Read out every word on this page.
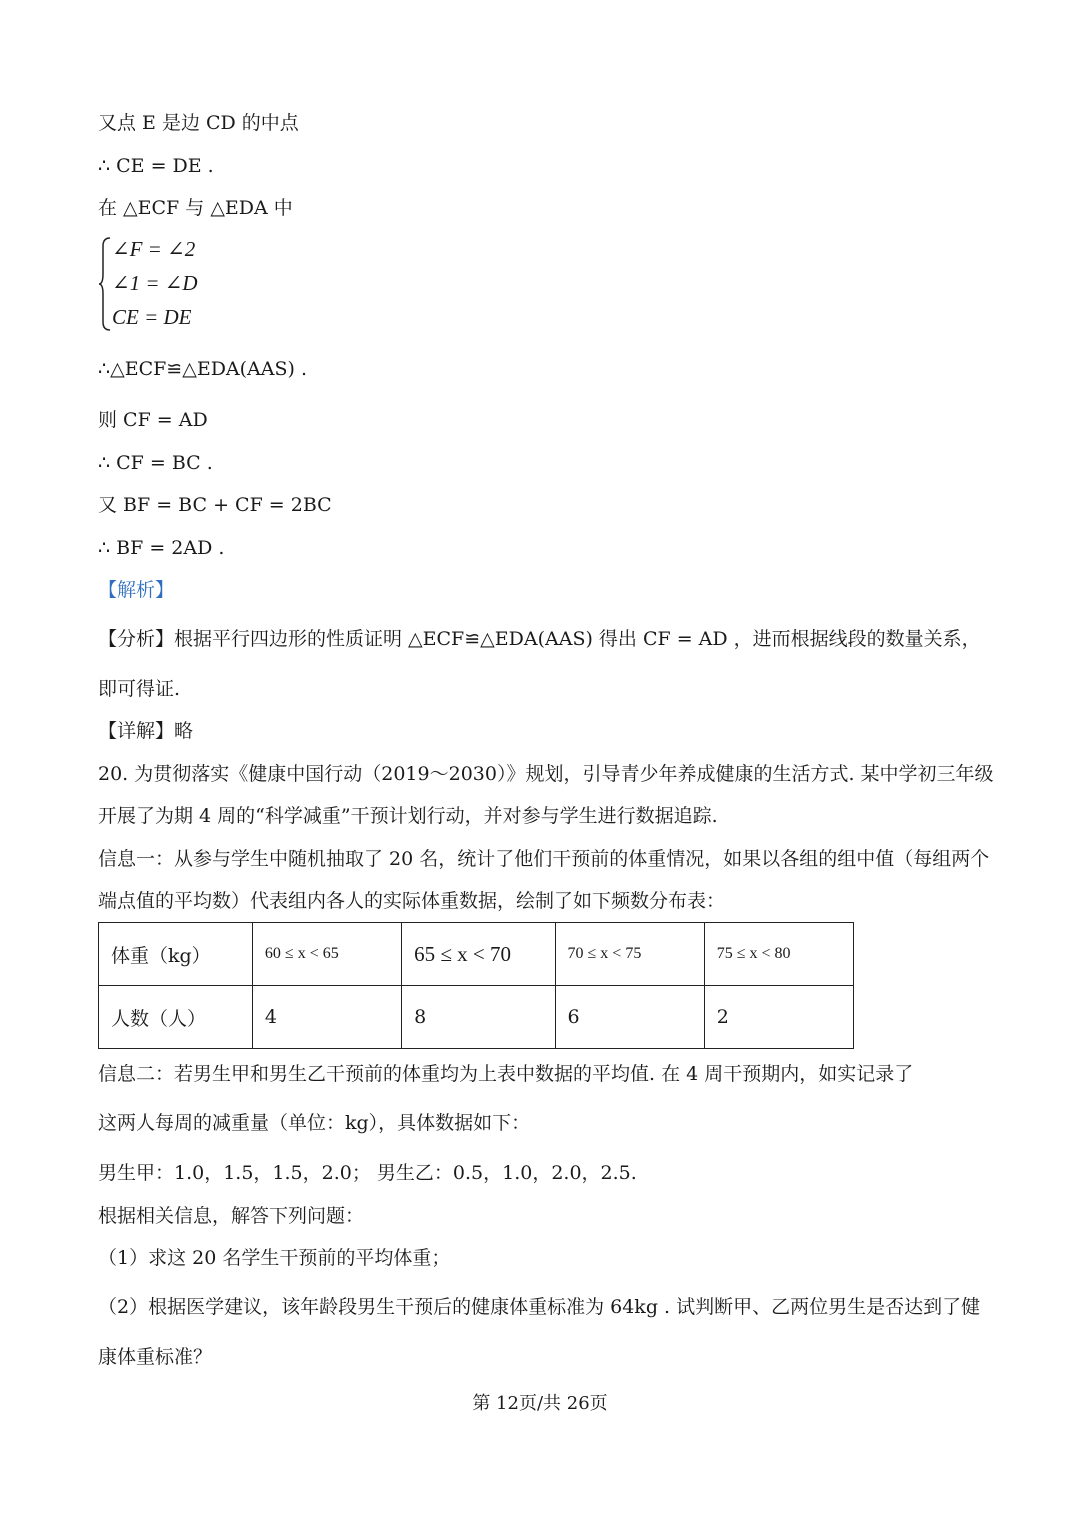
又点 E 是边 CD 的中点
∴ CE = DE .
在 △ECF 与 △EDA 中
∠F = ∠2
∠1 = ∠D
CE = DE
∴△ECF≌△EDA(AAS) .
则 CF = AD
∴ CF = BC .
又 BF = BC + CF = 2BC
∴ BF = 2AD .
【解析】
【分析】根据平行四边形的性质证明 △ECF≌△EDA(AAS) 得出 CF = AD ，进而根据线段的数量关系，
即可得证.
【详解】略
20. 为贯彻落实《健康中国行动（2019～2030）》规划，引导青少年养成健康的生活方式. 某中学初三年级
开展了为期 4 周的“科学减重”干预计划行动，并对参与学生进行数据追踪.
信息一：从参与学生中随机抽取了 20 名，统计了他们干预前的体重情况，如果以各组的组中值（每组两个
端点值的平均数）代表组内各人的实际体重数据，绘制了如下频数分布表：
体重（kg）	60 ≤ x < 65	65 ≤ x < 70	70 ≤ x < 75	75 ≤ x < 80
人数（人）	4	8	6	2
信息二：若男生甲和男生乙干预前的体重均为上表中数据的平均值. 在 4 周干预期内，如实记录了
这两人每周的减重量（单位：kg），具体数据如下：
男生甲：1.0，1.5，1.5，2.0； 男生乙：0.5，1.0，2.0，2.5.
根据相关信息，解答下列问题：
（1）求这 20 名学生干预前的平均体重；
（2）根据医学建议，该年龄段男生干预后的健康体重标准为 64kg . 试判断甲、乙两位男生是否达到了健
康体重标准？
第 12页/共 26页
